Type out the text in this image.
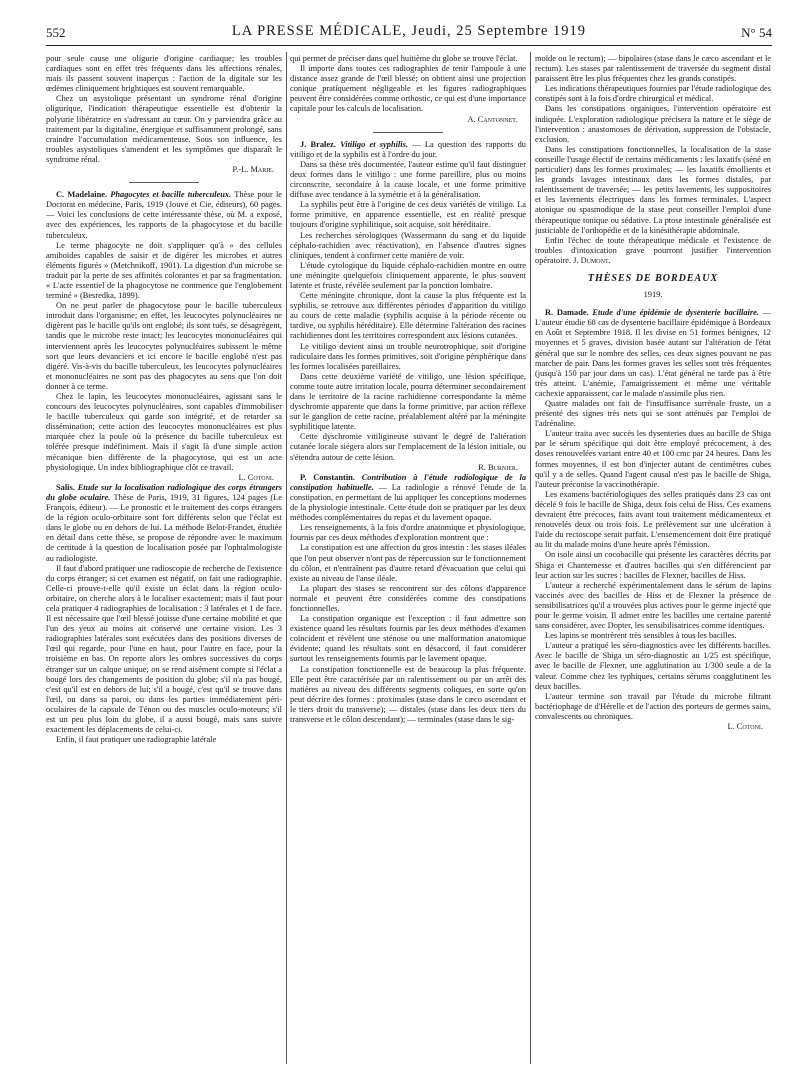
552	LA PRESSE MÉDICALE, Jeudi, 25 Septembre 1919	N° 54

pour seule cause une oligurie d'origine cardiaque; les troubles cardiaques sont en effet très fréquents dans les affections rénales, mais ils passent souvent inaperçus : l'action de la digitale sur les œdèmes cliniquement brightiques est souvent remarquable.

Chez un asystolique présentant un syndrome rénal d'origine oligurique, l'indication thérapeutique essentielle est d'obtenir la polyurie libératrice en s'adressant au cœur. On y parviendra grâce au traitement par la digitaline, énergique et suffisamment prolongé, sans craindre l'accumulation médicamenteuse. Sous son influence, les troubles asystoliques s'amendent et les symptômes que disparaît le syndrome rénal.

P.-L. Marie.

C. Madelaine. Phagocytes et bacille tuberculeux. Thèse pour le Doctorat en médecine, Paris, 1919 (Jouve et Cie, éditeurs), 60 pages. — Voici les conclusions de cette intéressante thèse, où M. a exposé, avec des expériences, les rapports de la phagocytose et du bacille tuberculeux.

Le terme phagocyte ne doit s'appliquer qu'à « des cellules amiboïdes capables de saisir et de digérer les microbes et autres éléments figurés » (Metchnikoff, 1901). La digestion d'un microbe se traduit par la perte de ses affinités colorantes et par sa fragmentation. « L'acte essentiel de la phagocytose ne commence que l'englobement terminé » (Besredka, 1899).

On ne peut parler de phagocytose pour le bacille tuberculeux introduit dans l'organisme; en effet, les leucocytes polynucléaires ne digèrent pas le bacille qu'ils ont englobé; ils sont tués, se désagrègent, tandis que le microbe reste intact; les leucocytes mononucléaires qui interviennent après les leucocytes polynucléaires subissent le même sort que leurs devanciers et ici encore le bacille englobé n'est pas digéré. Vis-à-vis du bacille tuberculeux, les leucocytes polynucléaires et mononucléaires ne sont pas des phagocytes au sens que l'on doit donner à ce terme.

Chez le lapin, les leucocytes mononucléaires, agissant sans le concours des leucocytes polynucléaires, sont capables d'immobiliser le bacille tuberculeux qui garde son intégrité, et de retarder sa dissémination; cette action des leucocytes mononucléaires est plus marquée chez la poule où la présence du bacille tuberculeux est tolérée presque indéfiniment. Mais il s'agit là d'une simple action mécanique bien différente de la phagocytose, qui est un acte physiologique. Un index bibliographique clôt ce travail.

L. Cotoni.

Salis. Etude sur la localisation radiologique des corps étrangers du globe oculaire. Thèse de Paris, 1919, 31 figures, 124 pages (Le François, éditeur). — Le pronostic et le traitement des corps étrangers de la région oculo-orbitaire sont fort différents selon que l'éclat est dans le globe ou en dehors de lui. La méthode Belot-Frandet, étudiée en détail dans cette thèse, se propose de répondre avec le maximum de certitude à la question de localisation posée par l'ophtalmologiste au radiologiste.

Il faut d'abord pratiquer une radioscopie de recherche de l'existence du corps étranger; si cet examen est négatif, on fait une radiographie. Celle-ci prouve-t-elle qu'il existe un éclat dans la région oculo-orbitaire, on cherche alors à le localiser exactement; mais il faut pour cela pratiquer 4 radiographies de localisation : 3 latérales et 1 de face. Il est nécessaire que l'œil blessé jouisse d'une certaine mobilité et que l'un des yeux au moins ait conservé une certaine vision. Les 3 radiographies latérales sont exécutées dans des positions diverses de l'œil qui regarde, pour l'une en haut, pour l'autre en face, pour la troisième en bas. On reporte alors les ombres successives du corps étranger sur un calque unique; on se rend aisément compte si l'éclat a bougé lors des changements de position du globe; s'il n'a pas bougé, c'est qu'il est en dehors de lui; s'il a bougé, c'est qu'il se trouve dans l'œil, ou dans sa paroi, ou dans les parties immédiatement péri-oculaires de la capsule de Ténon ou des muscles oculo-moteurs; s'il est un peu plus loin du globe, il a aussi bougé, mais sans suivre exactement les déplacements de celui-ci.

Enfin, il faut pratiquer une radiographie latérale

qui permet de préciser dans quel huitième du globe se trouve l'éclat.

Il importe dans toutes ces radiographies de tenir l'ampoule à une distance assez grande de l'œil blessé; on obtient ainsi une projection conique pratiquement négligeable et les figures radiographiques peuvent être considérées comme orthostic, ce qui est d'une importance capitale pour les calculs de localisation.

A. Cantonnet.

J. Bralez. Vitiligo et syphilis. — La question des rapports du vitiligo et de la syphilis est à l'ordre du jour.

Dans sa thèse très documentée, l'auteur estime qu'il faut distinguer deux formes dans le vitiligo : une forme pareillire, plus ou moins circonscrite, secondaire à la cause locale, et une forme primitive diffuse avec tendance à la symétrie et à la généralisation.

La syphilis peut être à l'origine de ces deux variétés de vitiligo. La forme primitive, en apparence essentielle, est en réalité presque toujours d'origine syphilitique, soit acquise, soit héréditaire.

Les recherches sérologiques (Wassermann du sang et du liquide céphalo-rachidien avec réactivation), en l'absence d'autres signes cliniques, tendent à confirmer cette manière de voir.

L'étude cytologique du liquide céphalo-rachidien montre en outre une méningite quelquefois cliniquement apparente, le plus souvent latente et fruste, révélée seulement par la ponction lombaire.

Cette méningite chronique, dont la cause la plus fréquente est la syphilis, se retrouve aux différentes périodes d'apparition du vitiligo au cours de cette maladie (syphilis acquise à la période récente ou tardive, ou syphilis héréditaire). Elle détermine l'altération des racines rachidiennes dont les territoires correspondent aux lésions cutanées.

Le vitiligo devient ainsi un trouble neurotrophique, soit d'origine radiculaire dans les formes primitives, soit d'origine périphérique dans les formes localisées pareillaires.

Dans cette deuxième variété de vitiligo, une lésion spécifique, comme toute autre irritation locale, pourra déterminer secondairement dans le territoire de la racine rachidienne correspondante la même dyschromie apparente que dans la forme primitive, par action réflexe sur le ganglion de cette racine, préalablement altéré par la méningite syphilitique latente.

Cette dyschromie vitiligineuse suivant le degré de l'altération cutanée locale siégera alors sur l'emplacement de la lésion initiale, ou s'étendra autour de cette lésion.

R. Burnier.

P. Constantin. Contribution à l'étude radiologique de la constipation habituelle. — La radiologie a rénové l'étude de la constipation, en permettant de lui appliquer les conceptions modernes de la physiologie intestinale. Cette étude doit se pratiquer par les deux méthodes complémentaires du repas et du lavement opaque.

Les renseignements, à la fois d'ordre anatomique et physiologique, fournis par ces deux méthodes d'exploration montrent que :

La constipation est une affection du gros intestin : les stases iléales que l'on peut observer n'ont pas de répercussion sur le fonctionnement du côlon, et n'entraînent pas d'autre retard d'évacuation que celui qui existe au niveau de l'anse iléale.

La plupart des stases se rencontrent sur des côlons d'apparence normale et peuvent être considérées comme des constipations fonctionnelles.

La constipation organique est l'exception : il faut admettre son existence quand les résultats fournis par les deux méthodes d'examen coïncident et révèlent une sténose ou une malformation anatomique évidente; quand les résultats sont en désaccord, il faut considérer surtout les renseignements fournis par le lavement opaque.

La constipation fonctionnelle est de beaucoup la plus fréquente. Elle peut être caractérisée par un ralentissement ou par un arrêt des matières au niveau des différents segments coliques, en sorte qu'on peut décrire des formes : proximales (stase dans le cæco ascendant et le tiers droit du transverse); — distales (stase dans les deux tiers du transverse et le côlon descendant); — terminales (stase dans le sig-

moïde ou le rectum); — bipolaires (stase dans le cæco ascendant et le rectum). Les stases par ralentissement de traversée du segment distal paraissent être les plus fréquentes chez les grands constipés.

Les indications thérapeutiques fournies par l'étude radiologique des constipés sont à la fois d'ordre chirurgical et médical.

Dans les constipations organiques, l'intervention opératoire est indiquée. L'exploration radiologique précisera la nature et le siège de l'intervention : anastomoses de dérivation, suppression de l'obstacle, exclusion.

Dans les constipations fonctionnelles, la localisation de la stase conseille l'usage électif de certains médicaments : les laxatifs (séné en particulier) dans les formes proximales; — les laxatifs émollients et les grands lavages intestinaux dans les formes distales, par ralentissement de traversée; — les petits lavements, les suppositoires et les lavements électriques dans les formes terminales. L'aspect atonique ou spasmodique de la stase peut conseiller l'emploi d'une thérapeutique tonique ou sédative. La ptose intestinale généralisée est justiciable de l'orthopédie et de la kinésithérapie abdominale.

Enfin l'échec de toute thérapeutique médicale et l'existence de troubles d'intoxication grave pourront justifier l'intervention opératoire. J. Dumont.

THÈSES DE BORDEAUX
1919.

R. Damade. Etude d'une épidémie de dysenterie bacillaire. — L'auteur étudie 68 cas de dysenterie bacillaire épidémique à Bordeaux en Août et Septembre 1918. Il les divise en 51 formes bénignes, 12 moyennes et 5 graves, division basée autant sur l'altération de l'état général que sur le nombre des selles, ces deux signes pouvant ne pas marcher de pair. Dans les formes graves les selles sont très fréquentes (jusqu'à 150 par jour dans un cas). L'état général ne tarde pas à être très atteint. L'anémie, l'amaigrissement et même une véritable cachexie apparaissent, car le malade n'assimile plus rien.

Quatre malades ont fait de l'insuffisance surrénale fruste, un a présenté des signes très nets qui se sont atténués par l'emploi de l'adrénaline.

L'auteur traita avec succès les dysenteries dues au bacille de Shiga par le sérum spécifique qui doit être employé précocement, à des doses renouvelées variant entre 40 et 100 cmc par 24 heures. Dans les formes moyennes, il est bon d'injecter autant de centimètres cubes qu'il y a de selles. Quand l'agent causal n'est pas le bacille de Shiga, l'auteur préconise la vaccinothérapie.

Les examens bactériologiques des selles pratiqués dans 23 cas ont décelé 9 fois le bacille de Shiga, deux fois celui de Hiss. Ces examens devraient être précoces, faits avant tout traitement médicamenteux et renouvelés deux ou trois fois. Le prélèvement sur une ulcération à l'aide du rectoscope serait parfait. L'ensemencement doit être pratiqué au lit du malade moins d'une heure après l'émission.

On isole ainsi un cocobacille qui présente les caractères décrits par Shiga et Chantemesse et d'autres bacilles qui s'en différencient par leur action sur les sucres : bacilles de Flexner, bacilles de Hiss.

L'auteur a recherché expérimentalement dans le sérum de lapins vaccinés avec des bacilles de Hiss et de Flexner la présence de sensibilisatrices qu'il a trouvées plus actives pour le germe injecté que pour le germe voisin. Il admet entre les bacilles une certaine parenté sans considérer, avec Dopter, les sensibilisatrices comme identiques.

Les lapins se montrèrent très sensibles à tous les bacilles.

L'auteur a pratiqué les séro-diagnostics avec les différents bacilles. Avec le bacille de Shiga un séro-diagnostic au 1/25 est spécifique, avec le bacille de Flexner, une agglutination au 1/300 seule a de la valeur. Comme chez les typhiques, certains sérums coagglutinent les deux bacilles.

L'auteur termine son travail par l'étude du microbe filtrant bactériophage de d'Hérelle et de l'action des porteurs de germes sains, convalescents ou chroniques.

L. Cotoni.
